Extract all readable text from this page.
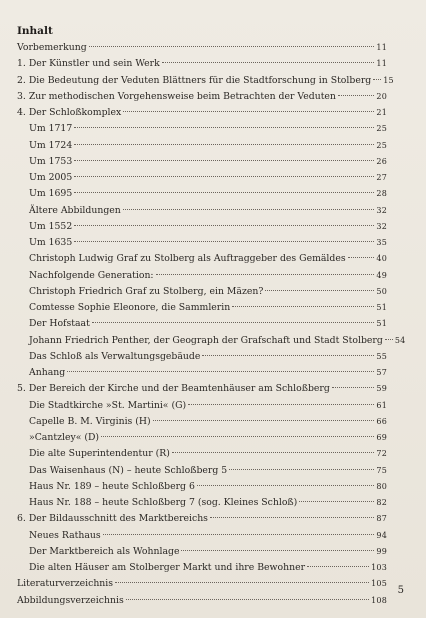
Inhalt
Vorbemerkung	11
1. Der Künstler und sein Werk	11
2. Die Bedeutung der Veduten Blättners für die Stadtforschung in Stolberg 15
3. Zur methodischen Vorgehensweise beim Betrachten der Veduten	20
4. Der Schloßkomplex	21
Um 1717	25
Um 1724	25
Um 1753	26
Um 2005	27
Um 1695	28
Ältere Abbildungen	32
Um 1552	32
Um 1635	35
Christoph Ludwig Graf zu Stolberg als Auftraggeber des Gemäldes	40
Nachfolgende Generation:	49
Christoph Friedrich Graf zu Stolberg, ein Mäzen?	50
Comtesse Sophie Eleonore, die Sammlerin	51
Der Hofstaat	51
Johann Friedrich Penther, der Geograph der Grafschaft und Stadt Stolberg 54
Das Schloß als Verwaltungsgebäude	55
Anhang	57
5. Der Bereich der Kirche und der Beamtenhäuser am Schloßberg	59
Die Stadtkirche »St. Martini« (G)	61
Capelle B. M. Virginis (H)	66
»Cantzley« (D)	69
Die alte Superintendentur (R)	72
Das Waisenhaus (N) – heute Schloßberg 5	75
Haus Nr. 189 – heute Schloßberg 6	80
Haus Nr. 188 – heute Schloßberg 7 (sog. Kleines Schloß)	82
6. Der Bildausschnitt des Marktbereichs	87
Neues Rathaus	94
Der Marktbereich als Wohnlage	99
Die alten Häuser am Stolberger Markt und ihre Bewohner	103
Literaturverzeichnis	105
Abbildungsverzeichnis	108
5
